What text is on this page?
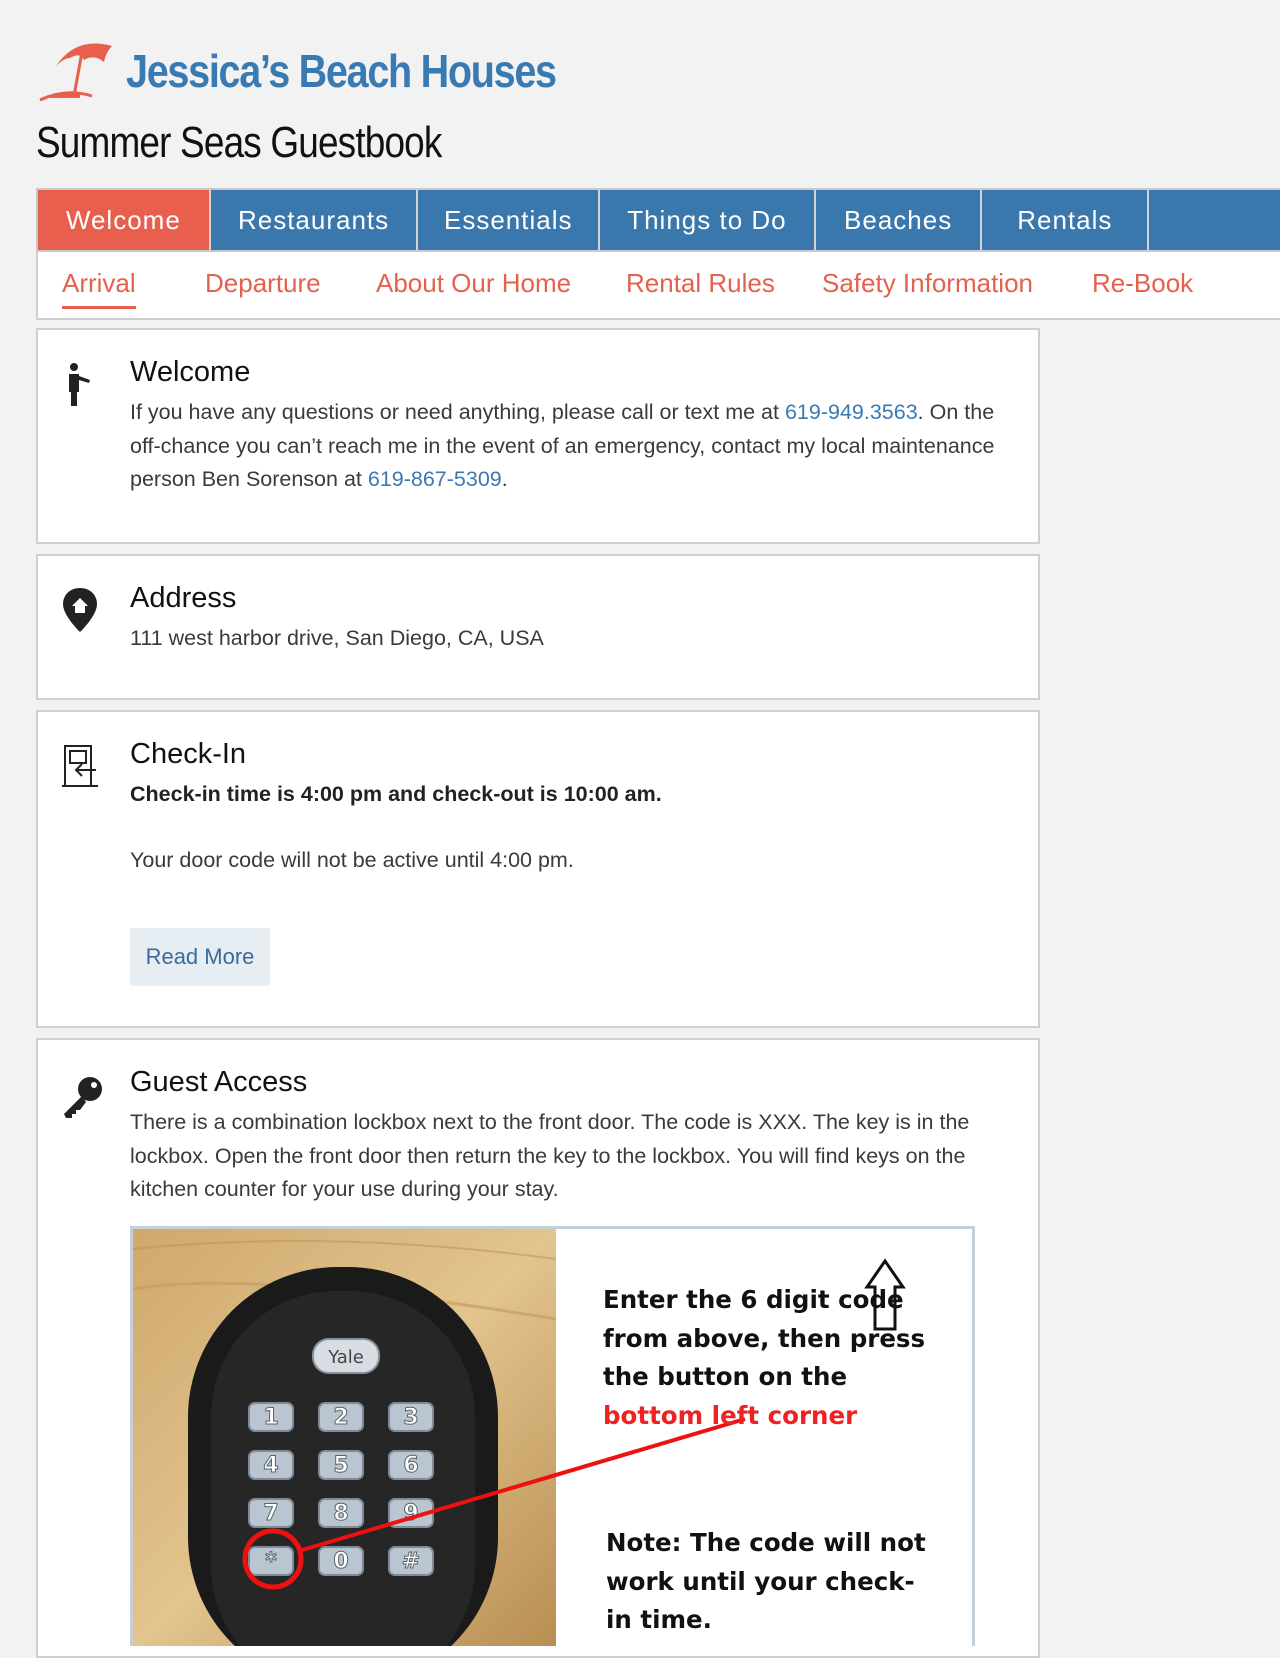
Jessica’s Beach Houses
Summer Seas Guestbook
Welcome	Restaurants	Essentials	Things to Do	Beaches	Rentals
Arrival	Departure About Our Home Rental Rules Safety Information Re-Book
Welcome

If you have any questions or need anything, please call or text me at 619-949.3563. On the off-chance you can’t reach me in the event of an emergency, contact my local maintenance person Ben Sorenson at 619-867-5309.

Address

111 west harbor drive, San Diego, CA, USA

Check-In

Check-in time is 4:00 pm and check-out is 10:00 am.

Your door code will not be active until 4:00 pm.

Read More
Guest Access

There is a combination lockbox next to the front door. The code is XXX. The key is in the lockbox. Open the front door then return the key to the lockbox. You will find keys on the kitchen counter for your use during your stay.

Yale
1	2	3
4	5	6
7	8	9
*	0	#
Enter the 6 digit code from above, then press the button on the bottom left corner
Note: The code will not work until your check-in time.
